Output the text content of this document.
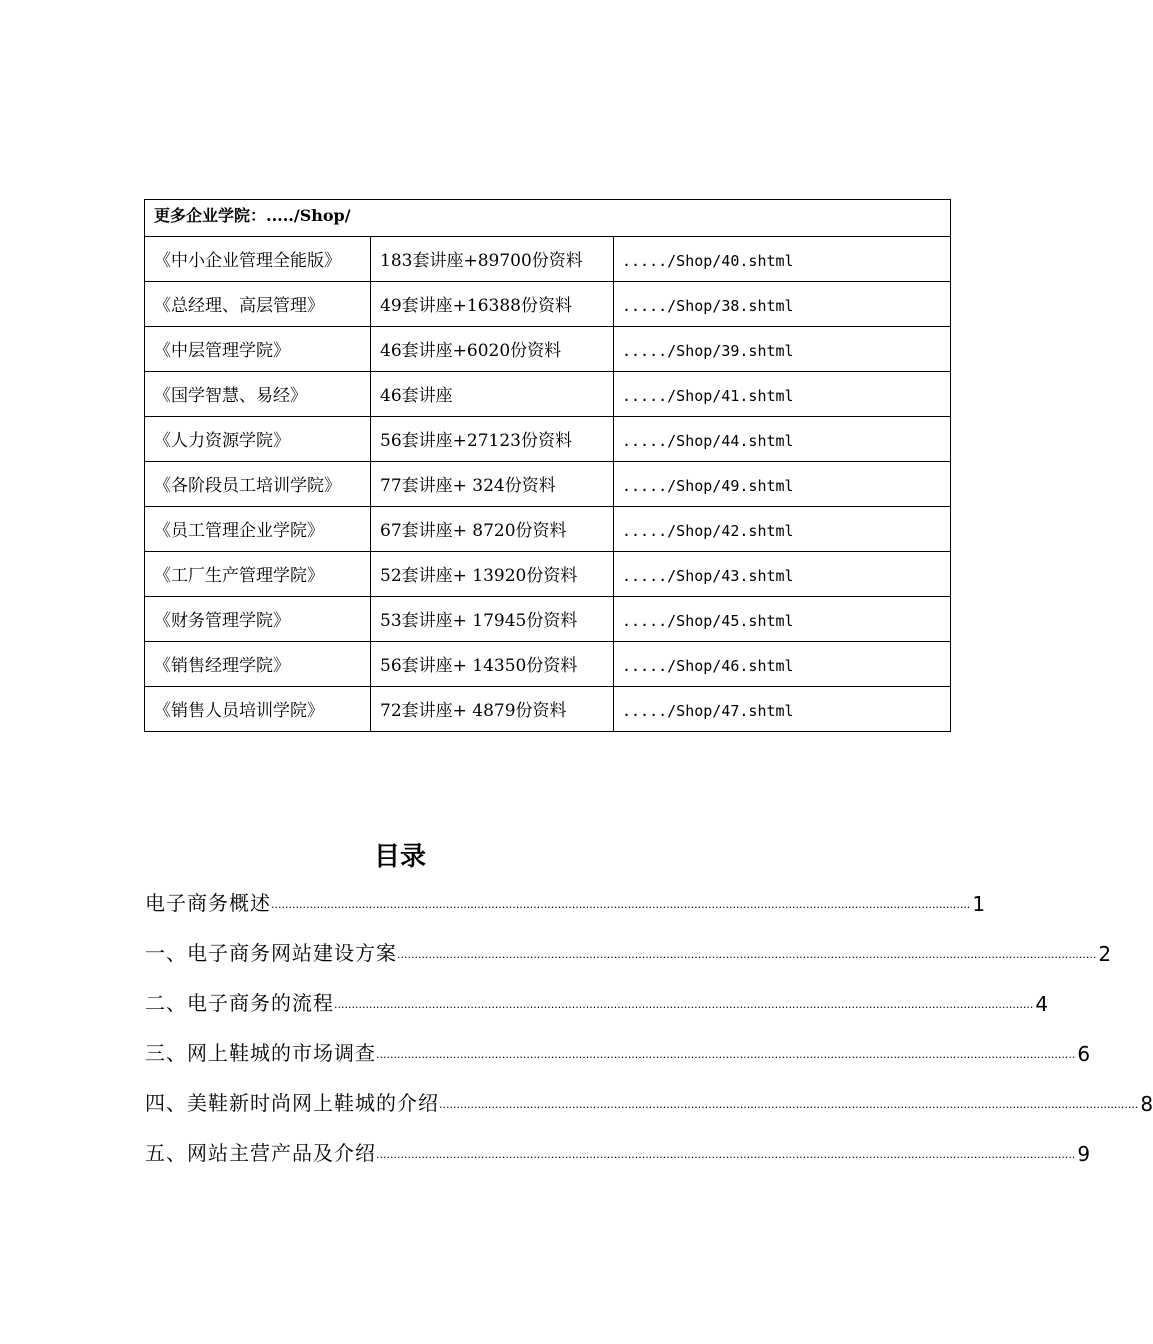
更多企业学院：...../Shop/		
《中小企业管理全能版》	183套讲座+89700份资料	...../Shop/40.shtml
《总经理、高层管理》	49套讲座+16388份资料	...../Shop/38.shtml
《中层管理学院》	46套讲座+6020份资料	...../Shop/39.shtml
《国学智慧、易经》	46套讲座	...../Shop/41.shtml
《人力资源学院》	56套讲座+27123份资料	...../Shop/44.shtml
《各阶段员工培训学院》	77套讲座+ 324份资料	...../Shop/49.shtml
《员工管理企业学院》	67套讲座+ 8720份资料	...../Shop/42.shtml
《工厂生产管理学院》	52套讲座+ 13920份资料	...../Shop/43.shtml
《财务管理学院》	53套讲座+ 17945份资料	...../Shop/45.shtml
《销售经理学院》	56套讲座+ 14350份资料	...../Shop/46.shtml
《销售人员培训学院》	72套讲座+ 4879份资料	...../Shop/47.shtml
目录
电子商务概述 ........................................................................................................................................................................................................ 1
一、电子商务网站建设方案 ........................................................................................................................................................................................................ 2
二、电子商务的流程 ........................................................................................................................................................................................................ 4
三、网上鞋城的市场调查 ........................................................................................................................................................................................................ 6
四、美鞋新时尚网上鞋城的介绍 ........................................................................................................................................................................................................ 8
五、网站主营产品及介绍 ........................................................................................................................................................................................................ 9
